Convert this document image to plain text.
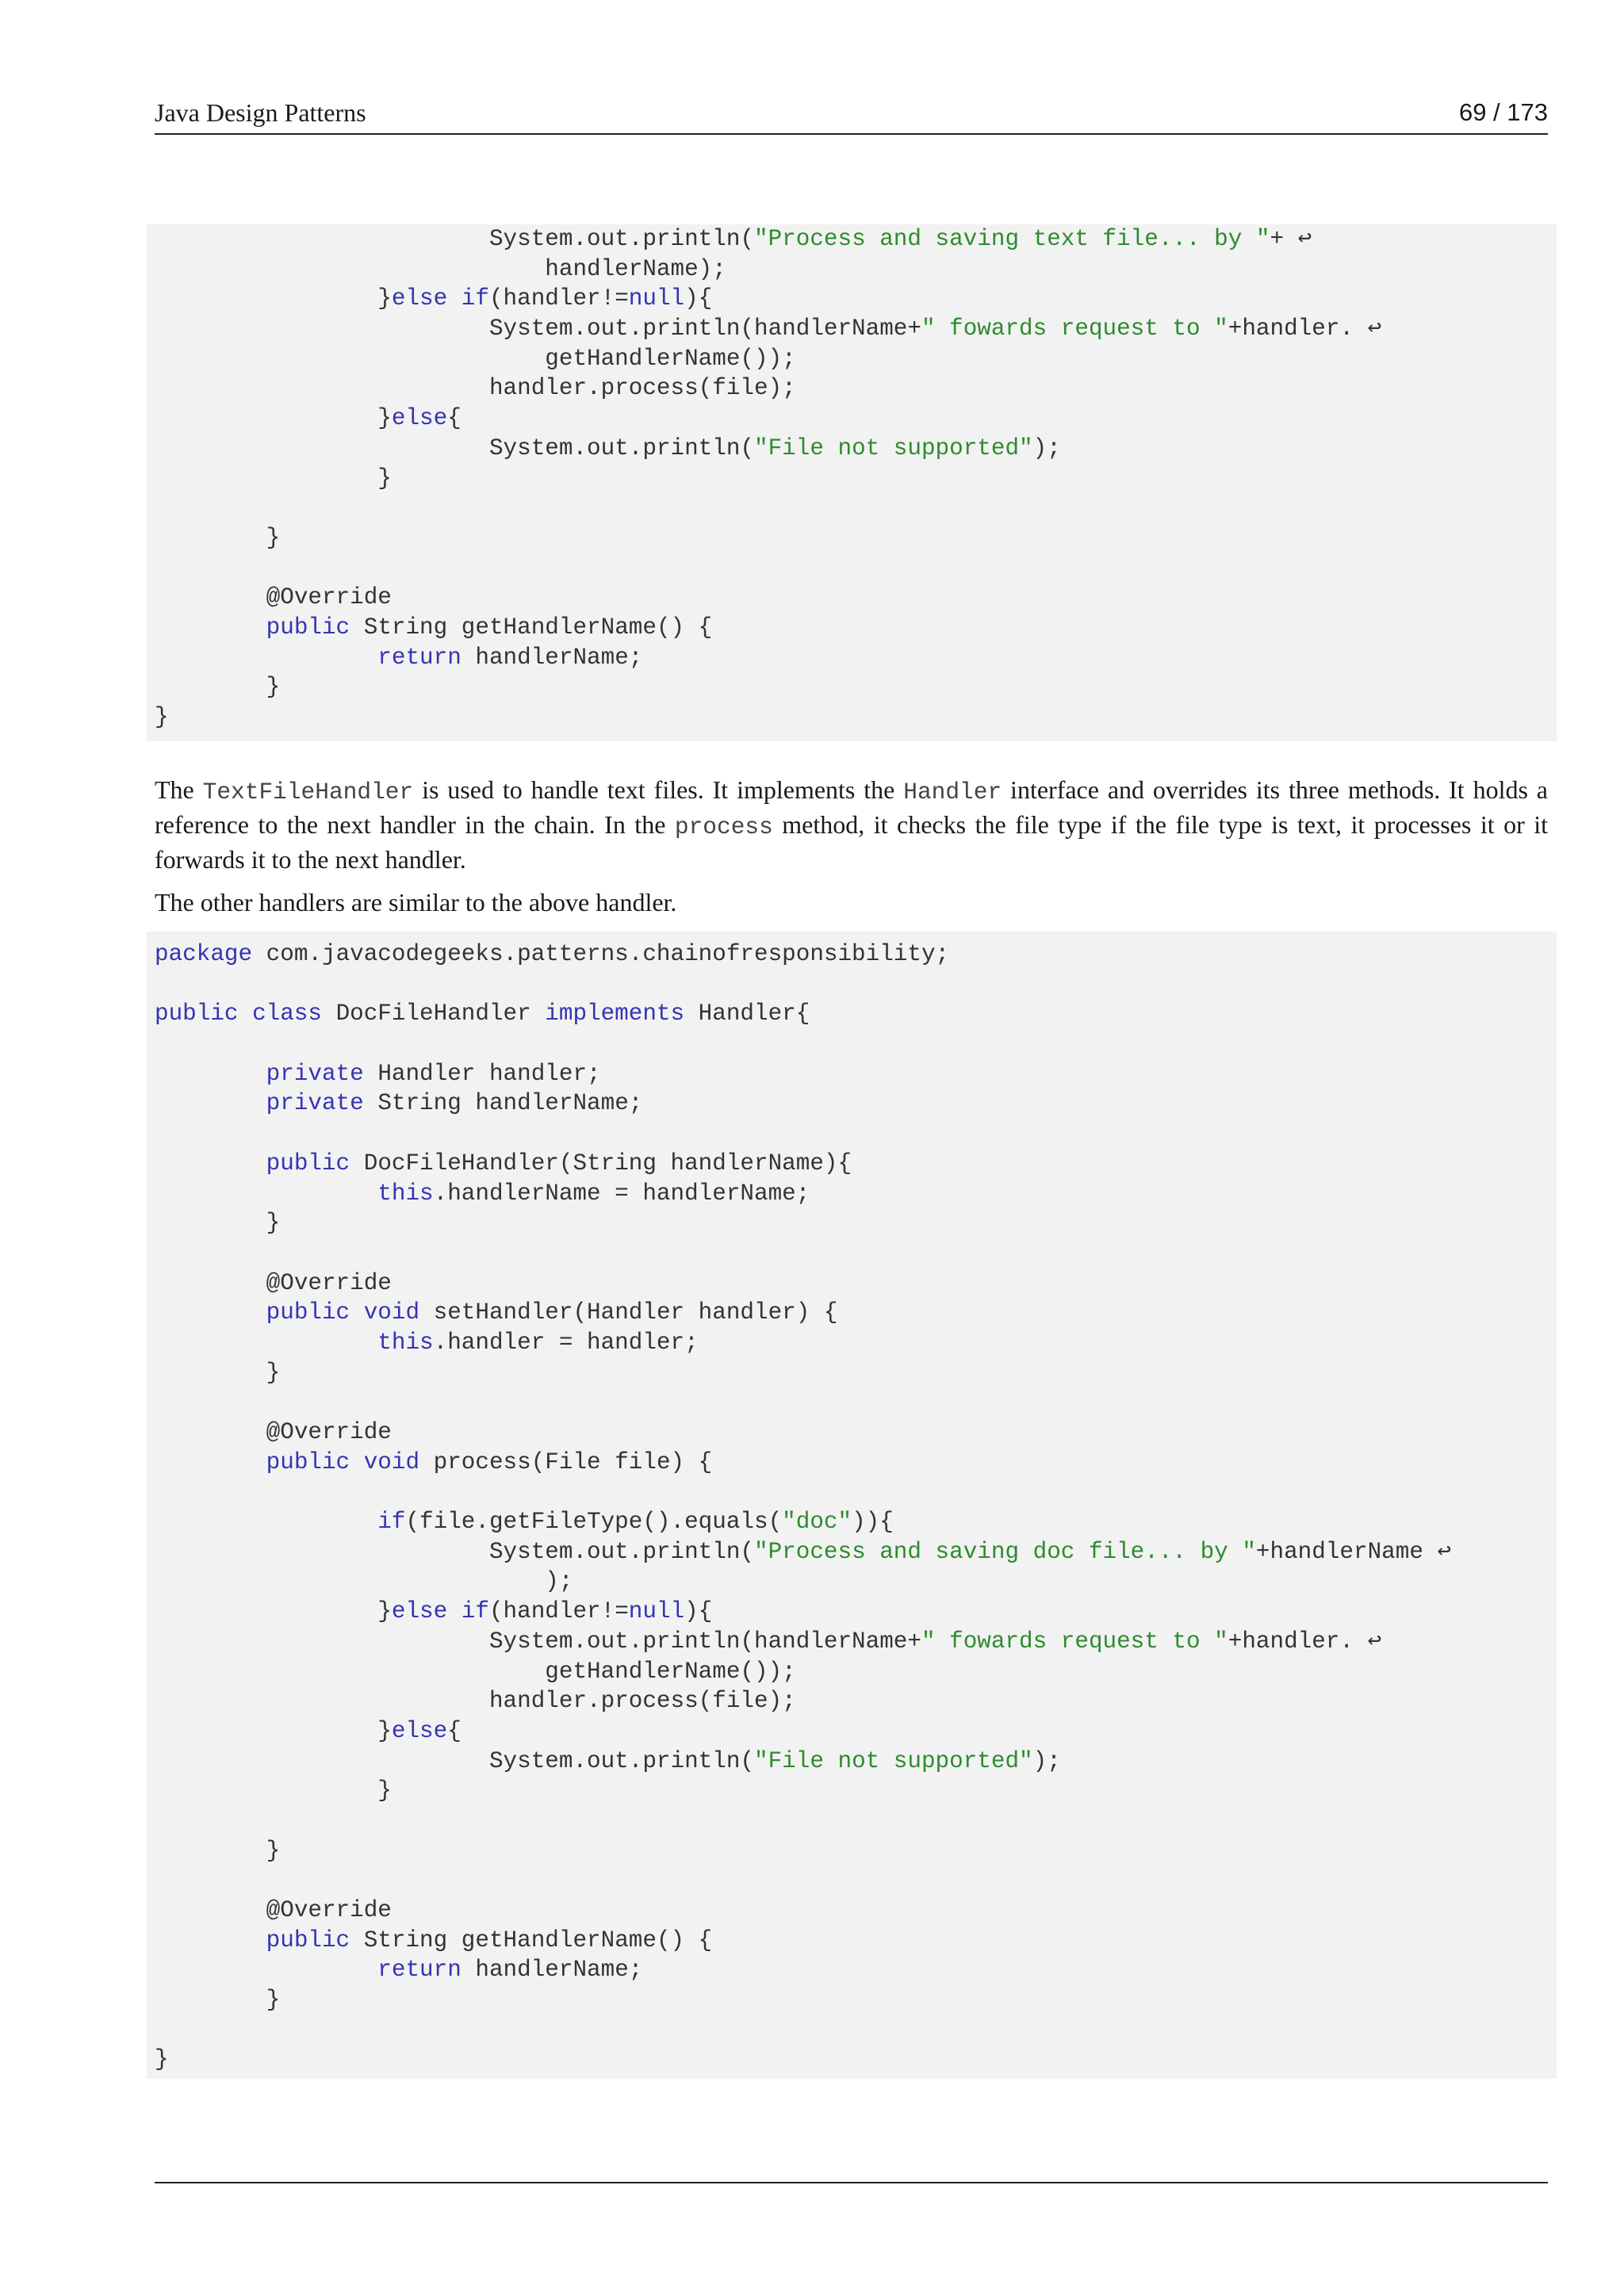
Java Design Patterns	69 / 173
System.out.println("Process and saving text file... by "+ ↩
handlerName);
}else if(handler!=null){
System.out.println(handlerName+" fowards request to "+handler. ↩
getHandlerName());
handler.process(file);
}else{
System.out.println("File not supported");
}
}
@Override
public String getHandlerName() {
return handlerName;
}
}

The TextFileHandler is used to handle text files. It implements the Handler interface and overrides its three methods. It holds a reference to the next handler in the chain. In the process method, it checks the file type if the file type is text, it processes it or it forwards it to the next handler.

The other handlers are similar to the above handler.

package com.javacodegeeks.patterns.chainofresponsibility;
public class DocFileHandler implements Handler{
private Handler handler;
private String handlerName;
public DocFileHandler(String handlerName){
this.handlerName = handlerName;
}
@Override
public void setHandler(Handler handler) {
this.handler = handler;
}
@Override
public void process(File file) {
if(file.getFileType().equals("doc")){
System.out.println("Process and saving doc file... by "+handlerName ↩
);
}else if(handler!=null){
System.out.println(handlerName+" fowards request to "+handler. ↩
getHandlerName());
handler.process(file);
}else{
System.out.println("File not supported");
}
}
@Override
public String getHandlerName() {
return handlerName;
}
}
